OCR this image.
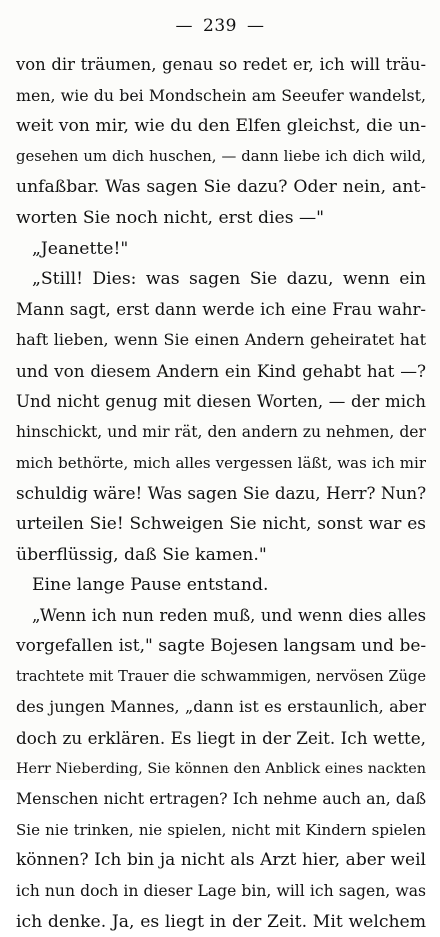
— 239 —
von dir träumen, genau so redet er, ich will träu-
men, wie du bei Mondschein am Seeufer wandelst,
weit von mir, wie du den Elfen gleichst, die un-
gesehen um dich huschen, — dann liebe ich dich wild,
unfaßbar. Was sagen Sie dazu? Oder nein, ant-
worten Sie noch nicht, erst dies —"
„Jeanette!"
„Still! Dies: was sagen Sie dazu, wenn ein
Mann sagt, erst dann werde ich eine Frau wahr-
haft lieben, wenn Sie einen Andern geheiratet hat
und von diesem Andern ein Kind gehabt hat —?
Und nicht genug mit diesen Worten, — der mich
hinschickt, und mir rät, den andern zu nehmen, der
mich bethörte, mich alles vergessen läßt, was ich mir
schuldig wäre! Was sagen Sie dazu, Herr? Nun?
urteilen Sie! Schweigen Sie nicht, sonst war es
überflüssig, daß Sie kamen."
Eine lange Pause entstand.
„Wenn ich nun reden muß, und wenn dies alles
vorgefallen ist," sagte Bojesen langsam und be-
trachtete mit Trauer die schwammigen, nervösen Züge
des jungen Mannes, „dann ist es erstaunlich, aber
doch zu erklären. Es liegt in der Zeit. Ich wette,
Herr Nieberding, Sie können den Anblick eines nackten
Menschen nicht ertragen? Ich nehme auch an, daß
Sie nie trinken, nie spielen, nicht mit Kindern spielen
können? Ich bin ja nicht als Arzt hier, aber weil
ich nun doch in dieser Lage bin, will ich sagen, was
ich denke. Ja, es liegt in der Zeit. Mit welchem
